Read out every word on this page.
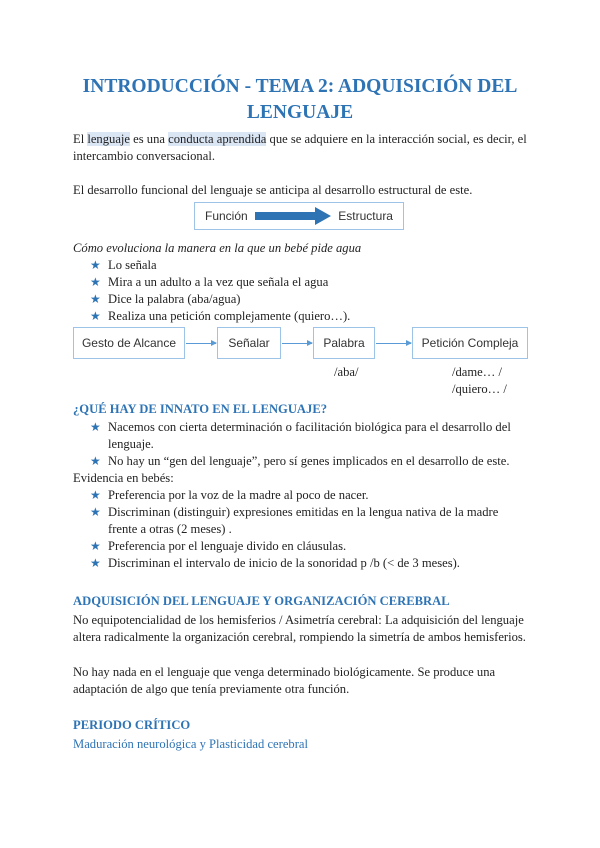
INTRODUCCIÓN - TEMA 2: ADQUISICIÓN DEL LENGUAJE
El lenguaje es una conducta aprendida que se adquiere en la interacción social, es decir, el intercambio conversacional.
El desarrollo funcional del lenguaje se anticipa al desarrollo estructural de este.
Función	Estructura
Cómo evoluciona la manera en la que un bebé pide agua
★ Lo señala
★ Mira a un adulto a la vez que señala el agua
★ Dice la palabra (aba/agua)
★ Realiza una petición complejamente (quiero…).
Gesto de Alcance	Señalar	Palabra	Petición Compleja
/aba/	/dame… /
/quiero… /
¿QUÉ HAY DE INNATO EN EL LENGUAJE?
★ Nacemos con cierta determinación o facilitación biológica para el desarrollo del lenguaje.
★ No hay un “gen del lenguaje”, pero sí genes implicados en el desarrollo de este.
Evidencia en bebés:
★ Preferencia por la voz de la madre al poco de nacer.
★ Discriminan (distinguir) expresiones emitidas en la lengua nativa de la madre frente a otras (2 meses) .
★ Preferencia por el lenguaje divido en cláusulas.
★ Discriminan el intervalo de inicio de la sonoridad p /b (< de 3 meses).
ADQUISICIÓN DEL LENGUAJE Y ORGANIZACIÓN CEREBRAL
No equipotencialidad de los hemisferios / Asimetría cerebral: La adquisición del lenguaje altera radicalmente la organización cerebral, rompiendo la simetría de ambos hemisferios.
No hay nada en el lenguaje que venga determinado biológicamente. Se produce una adaptación de algo que tenía previamente otra función.
PERIODO CRÍTICO
Maduración neurológica y Plasticidad cerebral
